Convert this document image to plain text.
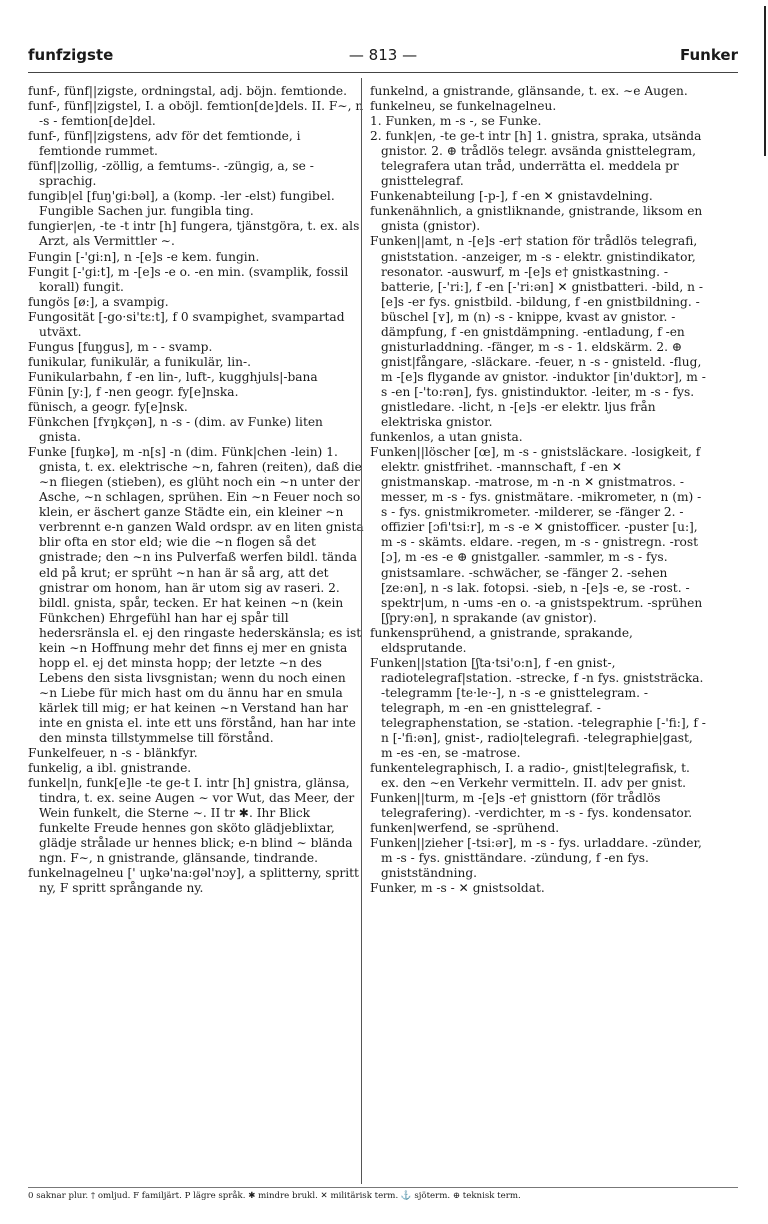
funfzigste	— 813 —	Funker

funf-, fünf||zigste, ordningstal, adj. böjn. femtionde.

funf-, fünf||zigstel, I. a oböjl. femtion[de]dels. II. F∼, n -s - femtion[de]del.

funf-, fünf||zigstens, adv för det femtionde, i femtionde rummet.

fünf||zollig, -zöllig, a femtums-. -züngig, a, se -sprachig.

fungib|el [fuŋ'gi:bəl], a (komp. -ler -elst) fungibel. Fungible Sachen jur. fungibla ting.

fungier|en, -te -t intr [h] fungera, tjänstgöra, t. ex. als Arzt, als Vermittler ∼.

Fungin [-'gi:n], n -[e]s -e kem. fungin.

Fungit [-'gi:t], m -[e]s -e o. -en min. (svamplik, fossil korall) fungit.

fungös [ø:], a svampig.

Fungosität [-go·si'tε:t], f 0 svampighet, svampartad utväxt.

Fungus [fuŋgus], m - - svamp.

funikular, funikulär, a funikulär, lin-.

Funikularbahn, f -en lin-, luft-, kugghjuls|-bana

Fünin [y:], f -nen geogr. fy[e]nska.

fünisch, a geogr. fy[e]nsk.

Fünkchen [fʏŋkçən], n -s - (dim. av Funke) liten gnista.

Funke [fuŋkə], m -n[s] -n (dim. Fünk|chen -lein) 1. gnista, t. ex. elektrische ∼n, fahren (reiten), daß die ∼n fliegen (stieben), es glüht noch ein ∼n unter der Asche, ∼n schlagen, sprühen. Ein ∼n Feuer noch so klein, er äschert ganze Städte ein, ein kleiner ∼n verbrennt e-n ganzen Wald ordspr. av en liten gnista blir ofta en stor eld; wie die ∼n flogen så det gnistrade; den ∼n ins Pulverfaß werfen bildl. tända eld på krut; er sprüht ∼n han är så arg, att det gnistrar om honom, han är utom sig av raseri. 2. bildl. gnista, spår, tecken. Er hat keinen ∼n (kein Fünkchen) Ehrgefühl han har ej spår till hedersränsla el. ej den ringaste hederskänsla; es ist kein ∼n Hoffnung mehr det finns ej mer en gnista hopp el. ej det minsta hopp; der letzte ∼n des Lebens den sista livsgnistan; wenn du noch einen ∼n Liebe für mich hast om du ännu har en smula kärlek till mig; er hat keinen ∼n Verstand han har inte en gnista el. inte ett uns förstånd, han har inte den minsta tillstymmelse till förstånd.

Funkelfeuer, n -s - blänkfyr.

funkelig, a ibl. gnistrande.

funkel|n, funk[e]le -te ge-t I. intr [h] gnistra, glänsa, tindra, t. ex. seine Augen ∼ vor Wut, das Meer, der Wein funkelt, die Sterne ∼. II tr ✱. Ihr Blick funkelte Freude hennes gon sköto glädjeblixtar, glädje strålade ur hennes blick; e-n blind ∼ blända ngn. F∼, n gnistrande, glänsande, tindrande.

funkelnagelneu [' uŋkə'na:gəl'nɔy], a splitterny, spritt ny, F spritt språngande ny.

funkelnd, a gnistrande, glänsande, t. ex. ∼e Augen.

funkelneu, se funkelnagelneu.

1. Funken, m -s -, se Funke.

2. funk|en, -te ge-t intr [h] 1. gnistra, spraka, utsända gnistor. 2. ⊕ trådlös telegr. avsända gnisttelegram, telegrafera utan tråd, underrätta el. meddela pr gnisttelegraf.

Funkenabteilung [-p-], f -en ✕ gnistavdelning.

funkenähnlich, a gnistliknande, gnistrande, liksom en gnista (gnistor).

Funken||amt, n -[e]s -er† station för trådlös telegrafi, gniststation. -anzeiger, m -s - elektr. gnistindikator, resonator. -auswurf, m -[e]s e† gnistkastning. -batterie, [-'ri:], f -en [-'ri:ən] ✕ gnistbatteri. -bild, n -[e]s -er fys. gnistbild. -bildung, f -en gnistbildning. -büschel [ʏ], m (n) -s - knippe, kvast av gnistor. -dämpfung, f -en gnistdämpning. -entladung, f -en gnisturladdning. -fänger, m -s - 1. eldskärm. 2. ⊕ gnist|fångare, -släckare. -feuer, n -s - gnisteld. -flug, m -[e]s flygande av gnistor. -induktor [in'duktɔr], m -s -en [-'to:rən], fys. gnistinduktor. -leiter, m -s - fys. gnistledare. -licht, n -[e]s -er elektr. ljus från elektriska gnistor.

funkenlos, a utan gnista.

Funken||löscher [œ], m -s - gnistsläckare. -losigkeit, f elektr. gnistfrihet. -mannschaft, f -en ✕ gnistmanskap. -matrose, m -n -n ✕ gnistmatros. -messer, m -s - fys. gnistmätare. -mikrometer, n (m) -s - fys. gnistmikrometer. -milderer, se -fänger 2. -offizier [ɔfi'tsi:r], m -s -e ✕ gnistofficer. -puster [u:], m -s - skämts. eldare. -regen, m -s - gnistregn. -rost [ɔ], m -es -e ⊕ gnistgaller. -sammler, m -s - fys. gnistsamlare. -schwächer, se -fänger 2. -sehen [ze:ən], n -s lak. fotopsi. -sieb, n -[e]s -e, se -rost. -spektr|um, n -ums -en o. -a gnistspektrum. -sprühen [ʃpry:ən], n sprakande (av gnistor).

funkensprühend, a gnistrande, sprakande, eldsprutande.

Funken||station [ʃta·tsi'o:n], f -en gnist-, radiotelegraf|station. -strecke, f -n fys. gniststräcka. -telegramm [te·le·-], n -s -e gnisttelegram. -telegraph, m -en -en gnisttelegraf. -telegraphenstation, se -station. -telegraphie [-'fi:], f -n [-'fi:ən], gnist-, radio|telegrafi. -telegraphie|gast, m -es -en, se -matrose.

funkentelegraphisch, I. a radio-, gnist|telegrafisk, t. ex. den ∼en Verkehr vermitteln. II. adv per gnist.

Funken||turm, m -[e]s -e† gnisttorn (för trådlös telegrafering). -verdichter, m -s - fys. kondensator.

funken|werfend, se -sprühend.

Funken||zieher [-tsi:ər], m -s - fys. urladdare. -zünder, m -s - fys. gnisttändare. -zündung, f -en fys. gnistständning.

Funker, m -s - ✕ gnistsoldat.

0 saknar plur. † omljud. F familjärt. P lägre språk. ✱ mindre brukl. ✕ militärisk term. ⚓ sjöterm. ⊕ teknisk term.
